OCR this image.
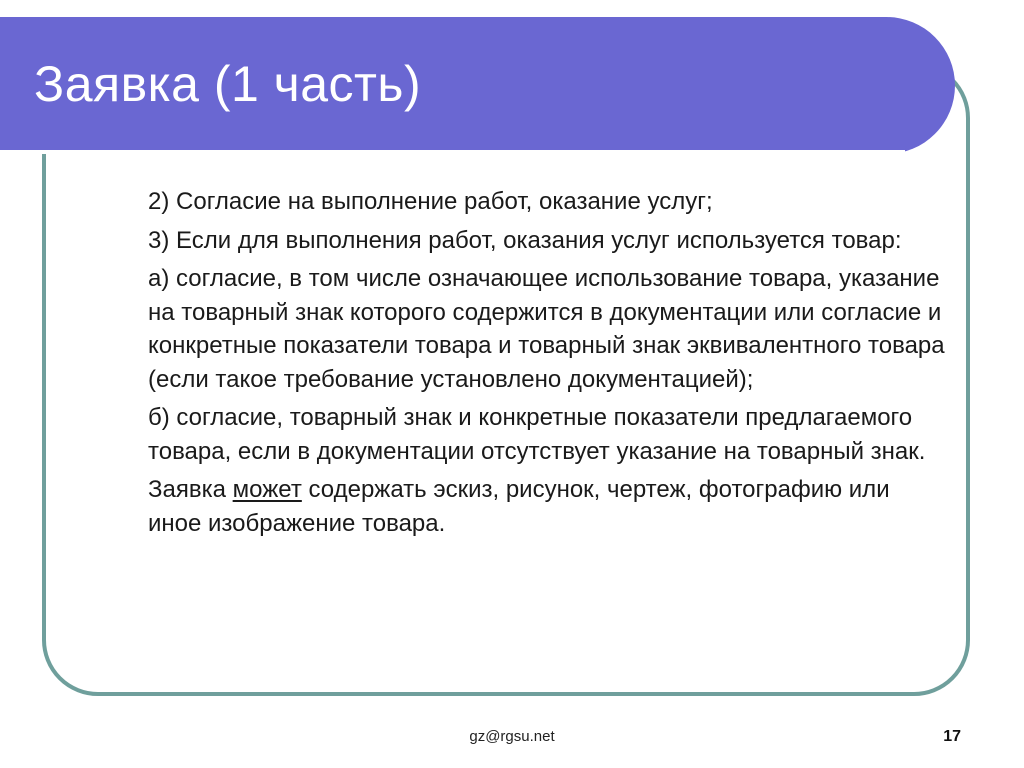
Заявка (1 часть)

2) Согласие на выполнение работ, оказание услуг;

3) Если для выполнения работ, оказания услуг используется товар:

а) согласие, в том числе означающее использование товара, указание на товарный знак которого содержится в документации или согласие и конкретные показатели товара и товарный знак эквивалентного товара (если такое требование установлено документацией);

б) согласие, товарный знак и конкретные показатели предлагаемого товара, если в документации отсутствует указание на товарный знак.

Заявка может содержать эскиз, рисунок, чертеж, фотографию или иное изображение товара.

gz@rgsu.net	17
